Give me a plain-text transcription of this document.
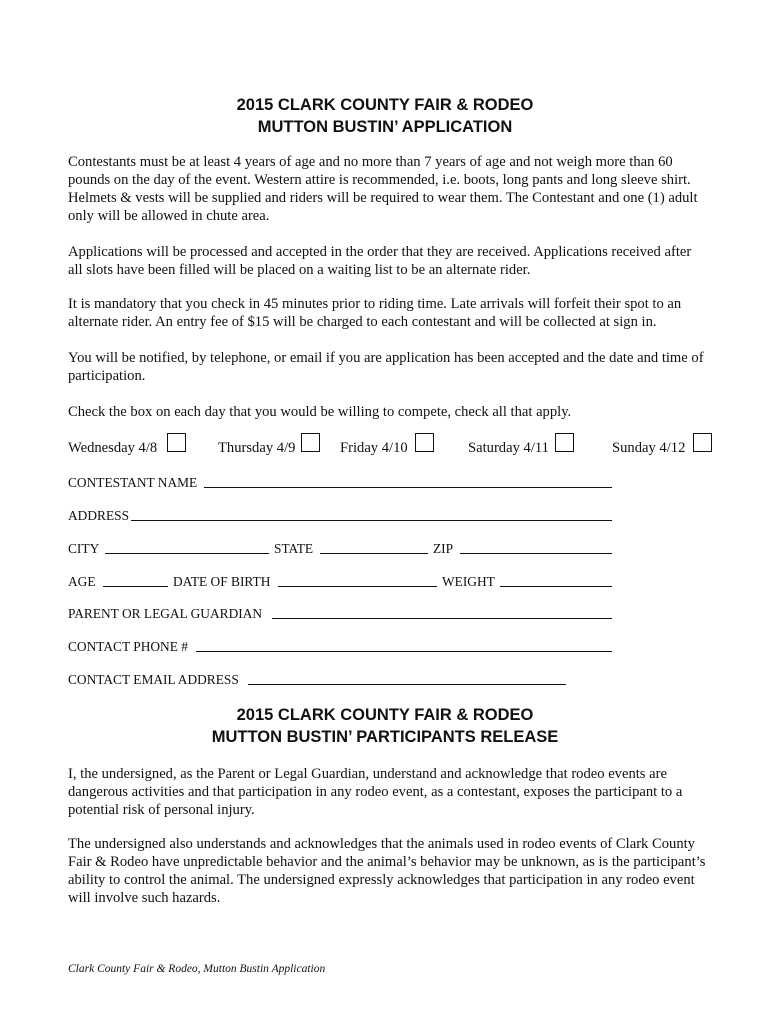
2015 CLARK COUNTY FAIR & RODEO
MUTTON BUSTIN’ APPLICATION

Contestants must be at least 4 years of age and no more than 7 years of age and not weigh more than 60 pounds on the day of the event. Western attire is recommended, i.e. boots, long pants and long sleeve shirt. Helmets & vests will be supplied and riders will be required to wear them. The Contestant and one (1) adult only will be allowed in chute area.

Applications will be processed and accepted in the order that they are received. Applications received after all slots have been filled will be placed on a waiting list to be an alternate rider.

It is mandatory that you check in 45 minutes prior to riding time. Late arrivals will forfeit their spot to an alternate rider. An entry fee of $15 will be charged to each contestant and will be collected at sign in.

You will be notified, by telephone, or email if you are application has been accepted and the date and time of participation.

Check the box on each day that you would be willing to compete, check all that apply.

Wednesday 4/8	Thursday 4/9	Friday 4/10	Saturday 4/11	Sunday 4/12
CONTESTANT NAME
ADDRESS
CITY	STATE	ZIP
AGE	DATE OF BIRTH	WEIGHT
PARENT OR LEGAL GUARDIAN
CONTACT PHONE #
CONTACT EMAIL ADDRESS
2015 CLARK COUNTY FAIR & RODEO
MUTTON BUSTIN’ PARTICIPANTS RELEASE

I, the undersigned, as the Parent or Legal Guardian, understand and acknowledge that rodeo events are dangerous activities and that participation in any rodeo event, as a contestant, exposes the participant to a potential risk of personal injury.

The undersigned also understands and acknowledges that the animals used in rodeo events of Clark County Fair & Rodeo have unpredictable behavior and the animal’s behavior may be unknown, as is the participant’s ability to control the animal. The undersigned expressly acknowledges that participation in any rodeo event will involve such hazards.

Clark County Fair & Rodeo, Mutton Bustin Application
